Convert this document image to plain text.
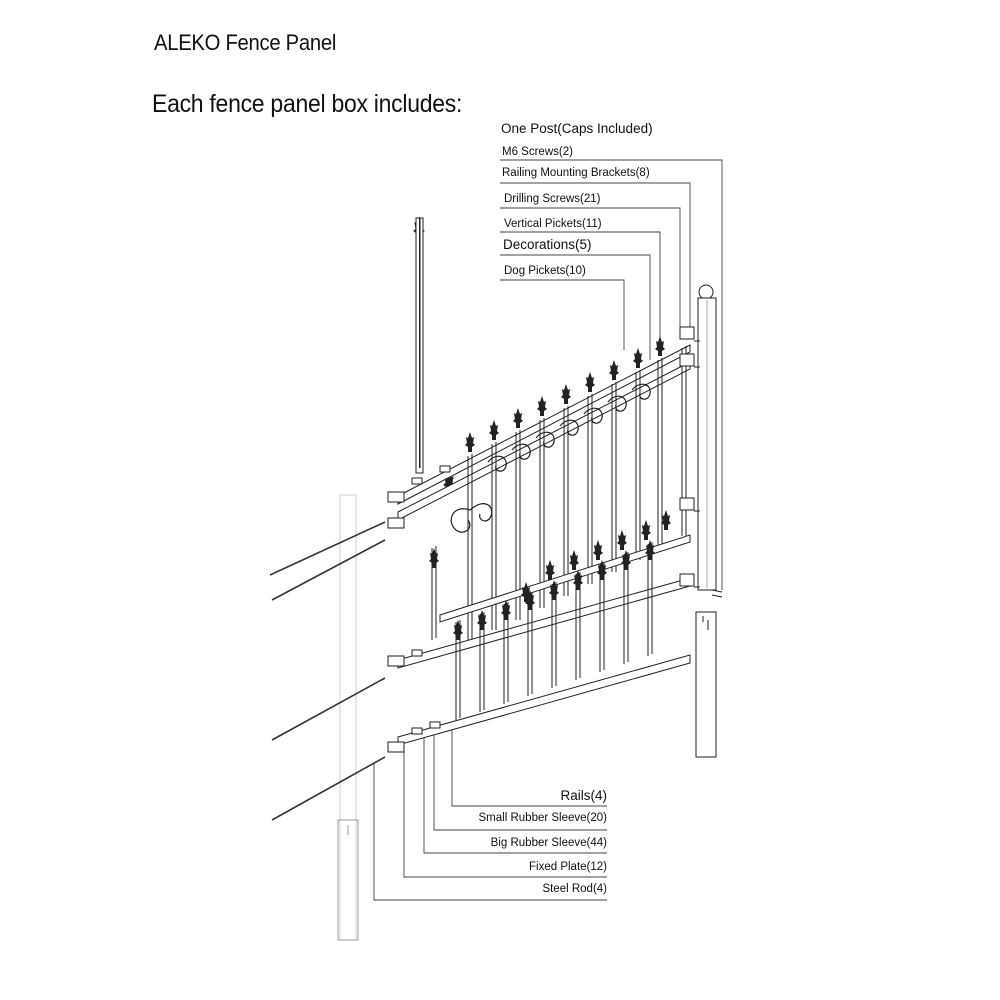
ALEKO Fence Panel
Each fence panel box includes:
One Post(Caps Included)
M6 Screws(2)
Railing Mounting Brackets(8)
Drilling Screws(21)
Vertical Pickets(11)
Decorations(5)
Dog Pickets(10)
Rails(4)
Small Rubber Sleeve(20)
Big Rubber Sleeve(44)
Fixed Plate(12)
Steel Rod(4)
